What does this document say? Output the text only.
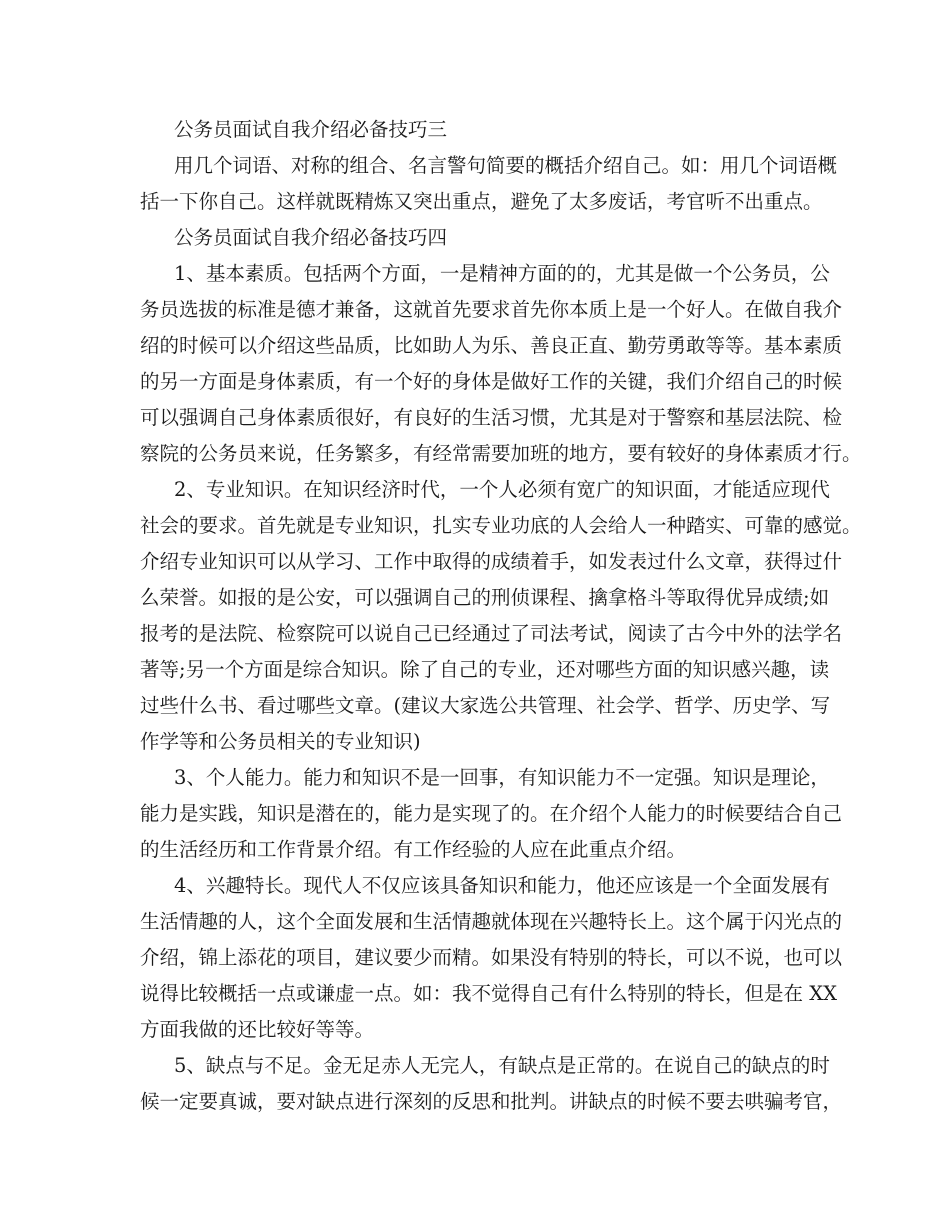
公务员面试自我介绍必备技巧三
用几个词语、对称的组合、名言警句简要的概括介绍自己。如：用几个词语概
括一下你自己。这样就既精炼又突出重点，避免了太多废话，考官听不出重点。
公务员面试自我介绍必备技巧四
1、基本素质。包括两个方面，一是精神方面的的，尤其是做一个公务员，公
务员选拔的标准是德才兼备，这就首先要求首先你本质上是一个好人。在做自我介
绍的时候可以介绍这些品质，比如助人为乐、善良正直、勤劳勇敢等等。基本素质
的另一方面是身体素质，有一个好的身体是做好工作的关键，我们介绍自己的时候
可以强调自己身体素质很好，有良好的生活习惯，尤其是对于警察和基层法院、检
察院的公务员来说，任务繁多，有经常需要加班的地方，要有较好的身体素质才行。
2、专业知识。在知识经济时代，一个人必须有宽广的知识面，才能适应现代
社会的要求。首先就是专业知识，扎实专业功底的人会给人一种踏实、可靠的感觉。
介绍专业知识可以从学习、工作中取得的成绩着手，如发表过什么文章，获得过什
么荣誉。如报的是公安，可以强调自己的刑侦课程、擒拿格斗等取得优异成绩;如
报考的是法院、检察院可以说自己已经通过了司法考试，阅读了古今中外的法学名
著等;另一个方面是综合知识。除了自己的专业，还对哪些方面的知识感兴趣，读
过些什么书、看过哪些文章。(建议大家选公共管理、社会学、哲学、历史学、写
作学等和公务员相关的专业知识)
3、个人能力。能力和知识不是一回事，有知识能力不一定强。知识是理论，
能力是实践，知识是潜在的，能力是实现了的。在介绍个人能力的时候要结合自己
的生活经历和工作背景介绍。有工作经验的人应在此重点介绍。
4、兴趣特长。现代人不仅应该具备知识和能力，他还应该是一个全面发展有
生活情趣的人，这个全面发展和生活情趣就体现在兴趣特长上。这个属于闪光点的
介绍，锦上添花的项目，建议要少而精。如果没有特别的特长，可以不说，也可以
说得比较概括一点或谦虚一点。如：我不觉得自己有什么特别的特长，但是在 XX
方面我做的还比较好等等。
5、缺点与不足。金无足赤人无完人，有缺点是正常的。在说自己的缺点的时
候一定要真诚，要对缺点进行深刻的反思和批判。讲缺点的时候不要去哄骗考官，
